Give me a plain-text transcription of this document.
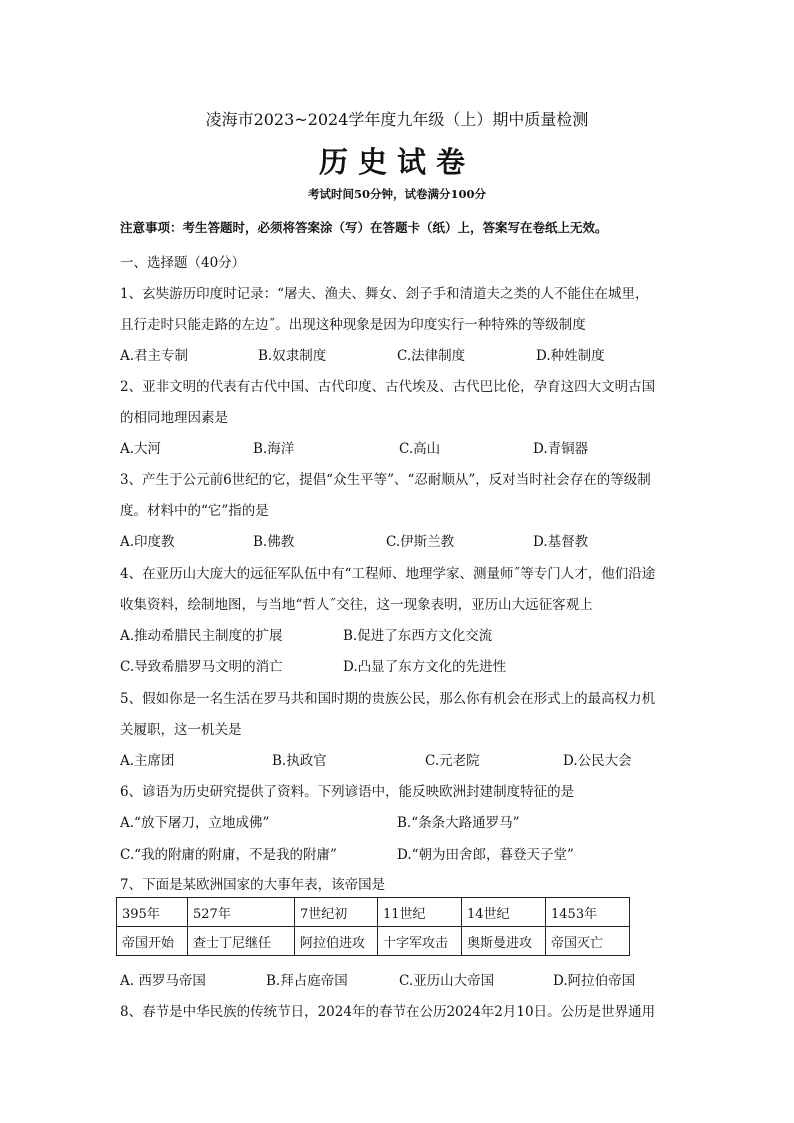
凌海市2023~2024学年度九年级（上）期中质量检测
历史试卷
考试时间50分钟，试卷满分100分
注意事项：考生答题时，必须将答案涂（写）在答题卡（纸）上，答案写在卷纸上无效。
一、选择题（40分）
1、玄奘游历印度时记录：“屠夫、渔夫、舞女、刽子手和清道夫之类的人不能住在城里，
且行走时只能走路的左边˝。出现这种现象是因为印度实行一种特殊的等级制度
A.君主专制	B.奴隶制度	C.法律制度	D.种姓制度
2、亚非文明的代表有古代中国、古代印度、古代埃及、古代巴比伦，孕育这四大文明古国
的相同地理因素是
A.大河	B.海洋	C.高山	D.青铜器
3、产生于公元前6世纪的它，提倡“众生平等”、“忍耐顺从”，反对当时社会存在的等级制
度。材料中的“它”指的是
A.印度教	B.佛教	C.伊斯兰教	D.基督教
4、在亚历山大庞大的远征军队伍中有“工程师、地理学家、测量师˝等专门人才，他们沿途
收集资料，绘制地图，与当地“哲人˝交往，这一现象表明，亚历山大远征客观上
A.推动希腊民主制度的扩展	B.促进了东西方文化交流
C.导致希腊罗马文明的消亡	D.凸显了东方文化的先进性
5、假如你是一名生活在罗马共和国时期的贵族公民，那么你有机会在形式上的最高权力机
关履职，这一机关是
A.主席团	B.执政官	C.元老院	D.公民大会
6、谚语为历史研究提供了资料。下列谚语中，能反映欧洲封建制度特征的是
A.“放下屠刀，立地成佛”	B.“条条大路通罗马”
C.“我的附庸的附庸，不是我的附庸”	D.“朝为田舍郎，暮登天子堂”
7、下面是某欧洲国家的大事年表，该帝国是
395年	527年	7世纪初	11世纪	14世纪	1453年
帝国开始	查士丁尼继任	阿拉伯进攻	十字军攻击	奥斯曼进攻	帝国灭亡
A. 西罗马帝国	B.拜占庭帝国	C.亚历山大帝国	D.阿拉伯帝国
8、春节是中华民族的传统节日，2024年的春节在公历2024年2月10日。公历是世界通用
